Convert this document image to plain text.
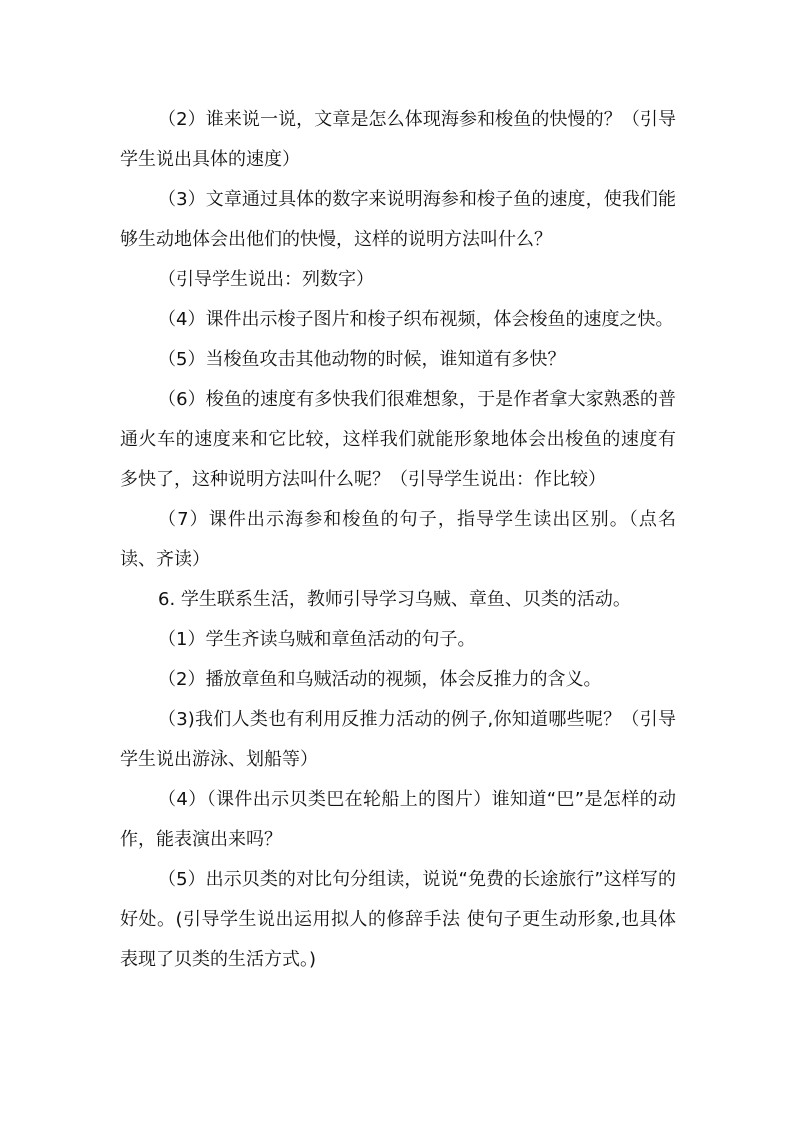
（2）谁来说一说，文章是怎么体现海参和梭鱼的快慢的？（引导学生说出具体的速度）

（3）文章通过具体的数字来说明海参和梭子鱼的速度，使我们能够生动地体会出他们的快慢，这样的说明方法叫什么？

（引导学生说出：列数字）

（4）课件出示梭子图片和梭子织布视频，体会梭鱼的速度之快。

（5）当梭鱼攻击其他动物的时候，谁知道有多快？

（6）梭鱼的速度有多快我们很难想象，于是作者拿大家熟悉的普通火车的速度来和它比较，这样我们就能形象地体会出梭鱼的速度有多快了，这种说明方法叫什么呢？（引导学生说出：作比较）

（7）课件出示海参和梭鱼的句子，指导学生读出区别。（点名读、齐读）

6. 学生联系生活，教师引导学习乌贼、章鱼、贝类的活动。

（1）学生齐读乌贼和章鱼活动的句子。

（2）播放章鱼和乌贼活动的视频，体会反推力的含义。

（3)我们人类也有利用反推力活动的例子,你知道哪些呢？（引导学生说出游泳、划船等）

（4）（课件出示贝类巴在轮船上的图片）谁知道“巴”是怎样的动作，能表演出来吗？

（5）出示贝类的对比句分组读，说说“免费的长途旅行”这样写的好处。(引导学生说出运用拟人的修辞手法 使句子更生动形象,也具体表现了贝类的生活方式。)
